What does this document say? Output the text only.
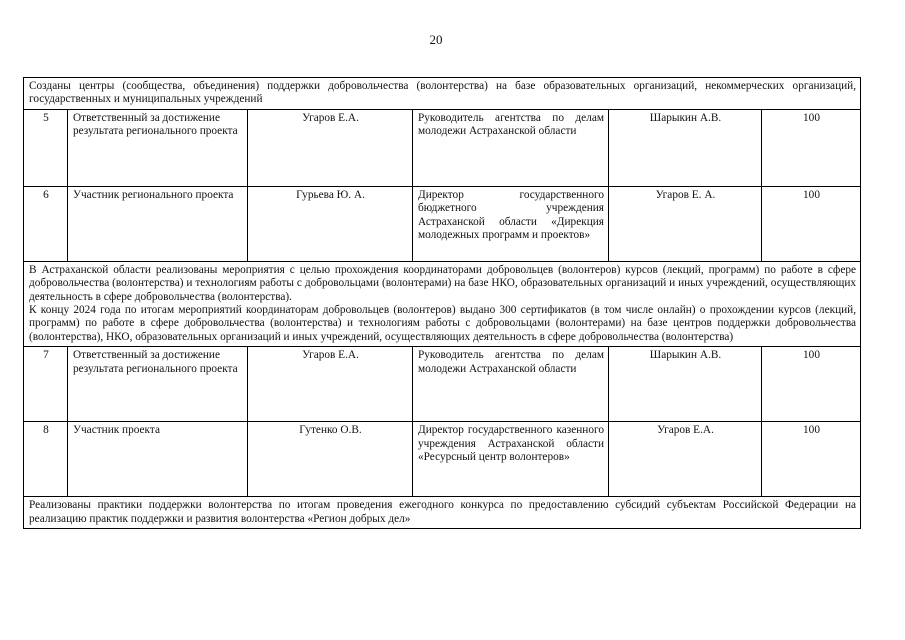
20
Созданы центры (сообщества, объединения) поддержки добровольчества (волонтерства) на базе образовательных организаций, некоммерческих организаций, государственных и муниципальных учреждений					
5	Ответственный за достижение результата регионального проекта	Угаров Е.А.	Руководитель агентства по делам молодежи Астраханской области	Шарыкин А.В.	100
6	Участник регионального проекта	Гурьева Ю. А.	Директор государственного бюджетного учреждения Астраханской области «Дирекция молодежных программ и проектов»	Угаров Е. А.	100

В Астраханской области реализованы мероприятия с целью прохождения координаторами добровольцев (волонтеров) курсов (лекций, программ) по работе в сфере добровольчества (волонтерства) и технологиям работы с добровольцами (волонтерами) на базе НКО, образовательных организаций и иных учреждений, осуществляющих деятельность в сфере добровольчества (волонтерства).
К концу 2024 года по итогам мероприятий координаторам добровольцев (волонтеров) выдано 300 сертификатов (в том числе онлайн) о прохождении курсов (лекций, программ) по работе в сфере добровольчества (волонтерства) и технологиям работы с добровольцами (волонтерами) на базе центров поддержки добровольчества (волонтерства), НКО, образовательных организаций и иных учреждений, осуществляющих деятельность в сфере добровольчества (волонтерства)					

7	Ответственный за достижение результата регионального проекта	Угаров Е.А.	Руководитель агентства по делам молодежи Астраханской области	Шарыкин А.В.	100
8	Участник проекта	Гутенко О.В.	Директор государственного казенного учреждения Астраханской области «Ресурсный центр волонтеров»	Угаров Е.А.	100
Реализованы практики поддержки волонтерства по итогам проведения ежегодного конкурса по предоставлению субсидий субъектам Российской Федерации на реализацию практик поддержки и развития волонтерства «Регион добрых дел»					
